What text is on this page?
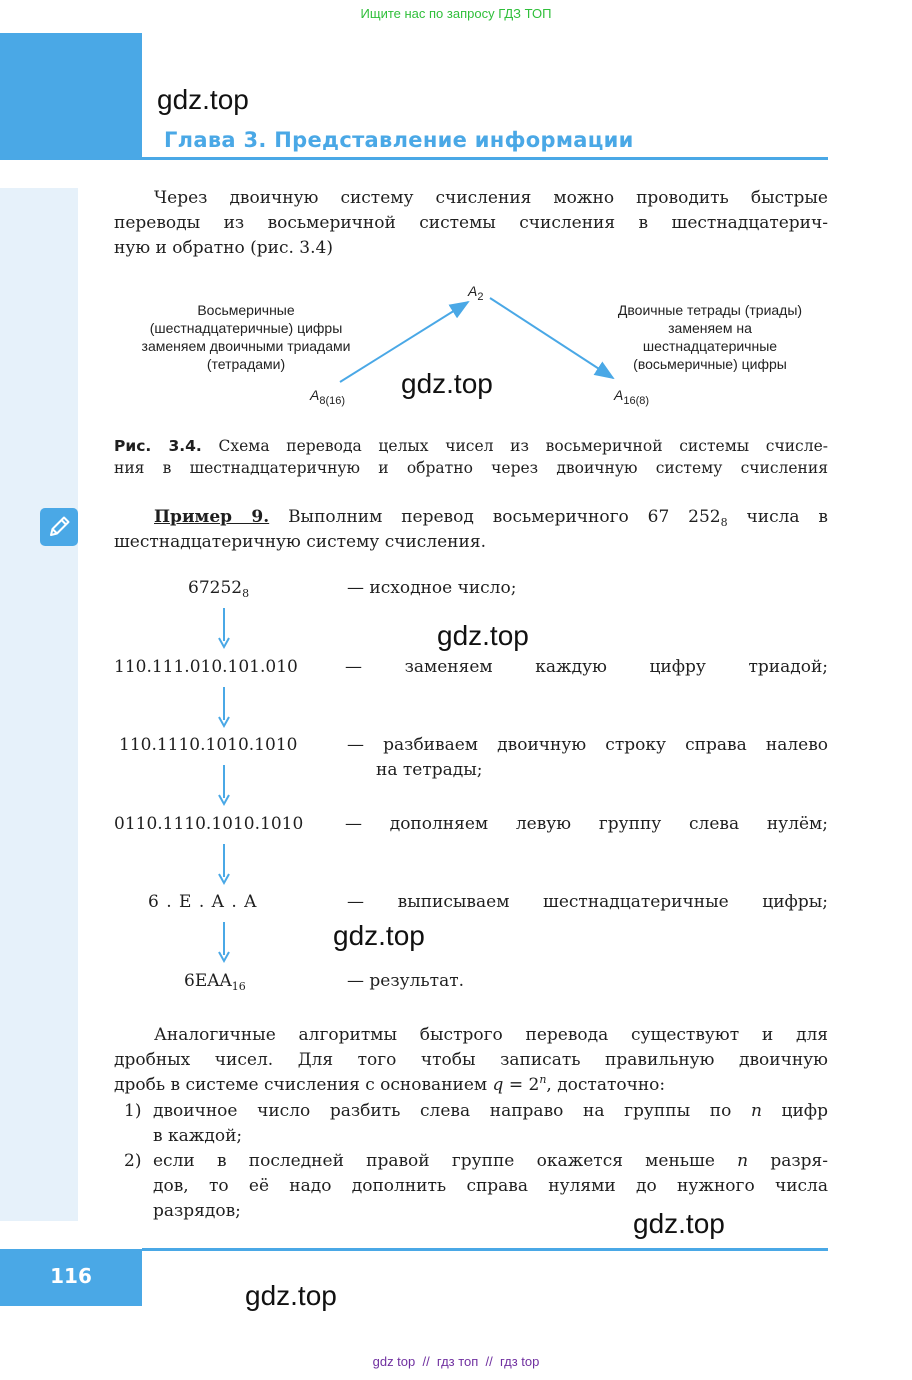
Ищите нас по запросу ГДЗ ТОП
gdz.top
Глава 3. Представление информации
Через двоичную систему счисления можно проводить быстрые
переводы из восьмеричной системы счисления в шестнадцатерич-
ную и обратно (рис. 3.4)
Восьмеричные
(шестнадцатеричные) цифры
заменяем двоичными триадами
(тетрадами)
Двоичные тетрады (триады)
заменяем на
шестнадцатеричные
(восьмеричные) цифры
$A_2$
$A_{8(16)}$	$A_{16(8)}$
gdz.top
Рис. 3.4. Схема перевода целых чисел из восьмеричной системы счисле-
ния в шестнадцатеричную и обратно через двоичную систему счисления
Пример 9. Выполним перевод восьмеричного 67 $252_8$ числа в
шестнадцатеричную систему счисления.
$67252_8$	— исходное число;
110.111.010.101.010	— заменяем каждую цифру триадой;
110.1110.1010.1010	— разбиваем двоичную строку справа налево
на тетрады;
0110.1110.1010.1010 — дополняем левую группу слева нулём;
6 . E . A . A	— выписываем шестнадцатеричные цифры;
$6EAA_{16}$	— результат.
gdz.top
gdz.top
Аналогичные алгоритмы быстрого перевода существуют и для
дробных чисел. Для того чтобы записать правильную двоичную
дробь в системе счисления с основанием $q = 2^n$, достаточно:
1) двоичное число разбить слева направо на группы по n цифр
в каждой;
2) если в последней правой группе окажется меньше n разря-
дов, то её надо дополнить справа нулями до нужного числа
разрядов;	gdz.top
116
gdz.top
gdz top  //  гдз топ  //  гдз top
